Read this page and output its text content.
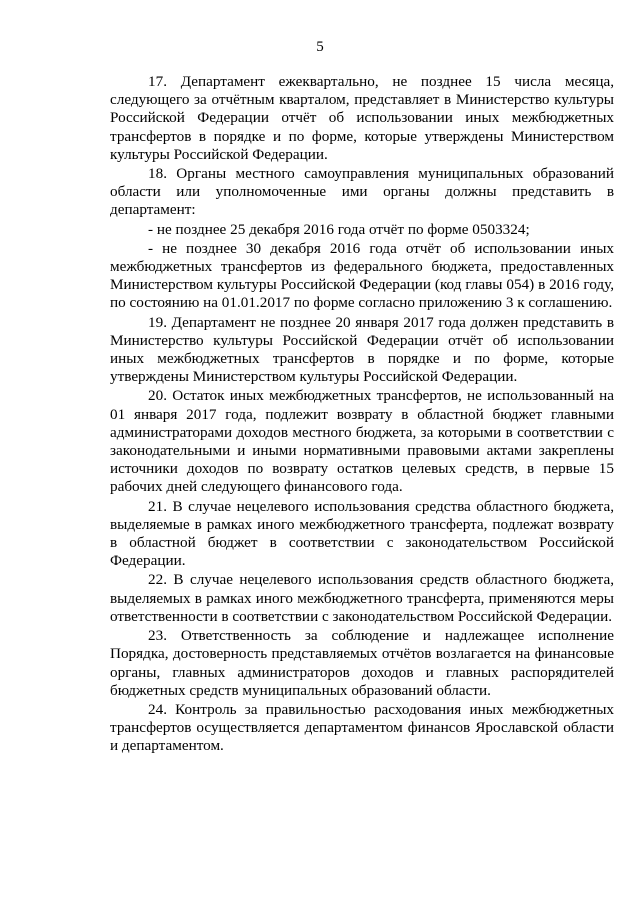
5

17. Департамент ежеквартально, не позднее 15 числа месяца, следующего за отчётным кварталом, представляет в Министерство культуры Российской Федерации отчёт об использовании иных межбюджетных трансфертов в порядке и по форме, которые утверждены Министерством культуры Российской Федерации.

18. Органы местного самоуправления муниципальных образований области или уполномоченные ими органы должны представить в департамент:

- не позднее 25 декабря 2016 года отчёт по форме 0503324;

- не позднее 30 декабря 2016 года отчёт об использовании иных межбюджетных трансфертов из федерального бюджета, предоставленных Министерством культуры Российской Федерации (код главы 054) в 2016 году, по состоянию на 01.01.2017 по форме согласно приложению 3 к соглашению.

19. Департамент не позднее 20 января 2017 года должен представить в Министерство культуры Российской Федерации отчёт об использовании иных межбюджетных трансфертов в порядке и по форме, которые утверждены Министерством культуры Российской Федерации.

20. Остаток иных межбюджетных трансфертов, не использованный на 01 января 2017 года, подлежит возврату в областной бюджет главными администраторами доходов местного бюджета, за которыми в соответствии с законодательными и иными нормативными правовыми актами закреплены источники доходов по возврату остатков целевых средств, в первые 15 рабочих дней следующего финансового года.

21. В случае нецелевого использования средства областного бюджета, выделяемые в рамках иного межбюджетного трансферта, подлежат возврату в областной бюджет в соответствии с законодательством Российской Федерации.

22. В случае нецелевого использования средств областного бюджета, выделяемых в рамках иного межбюджетного трансферта, применяются меры ответственности в соответствии с законодательством Российской Федерации.

23. Ответственность за соблюдение и надлежащее исполнение Порядка, достоверность представляемых отчётов возлагается на финансовые органы, главных администраторов доходов и главных распорядителей бюджетных средств муниципальных образований области.

24. Контроль за правильностью расходования иных межбюджетных трансфертов осуществляется департаментом финансов Ярославской области и департаментом.
